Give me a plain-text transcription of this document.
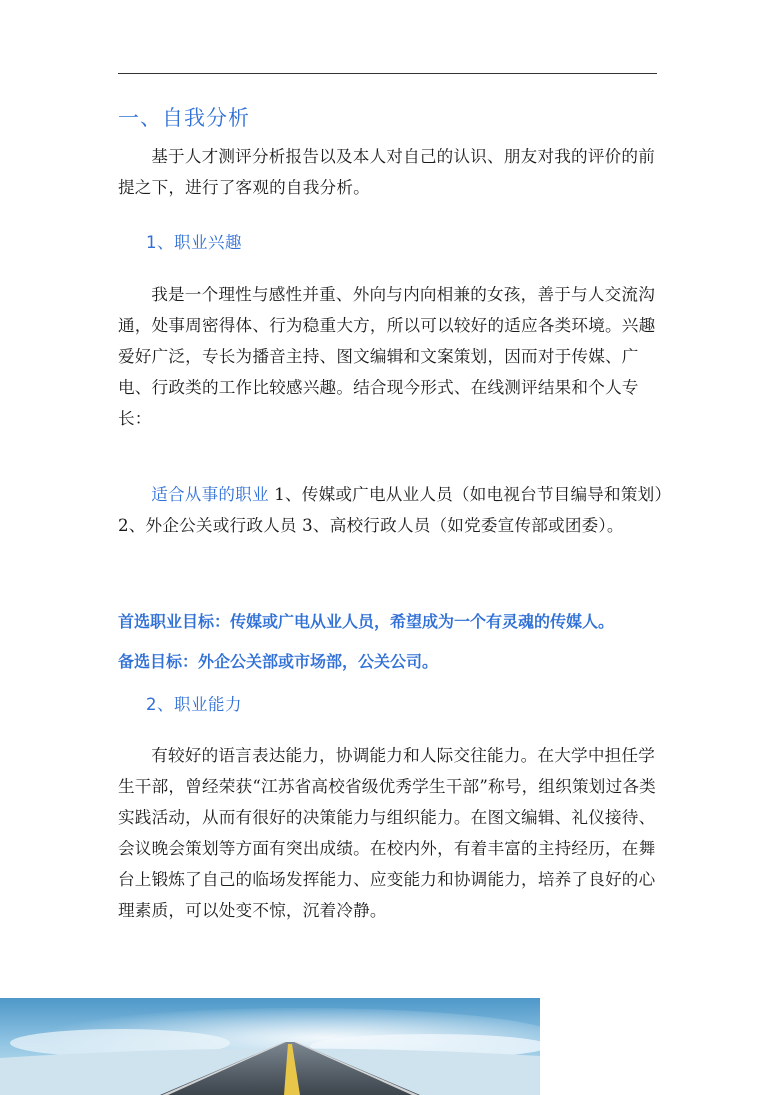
一、自我分析
基于人才测评分析报告以及本人对自己的认识、朋友对我的评价的前提之下，进行了客观的自我分析。
1、职业兴趣
我是一个理性与感性并重、外向与内向相兼的女孩，善于与人交流沟通，处事周密得体、行为稳重大方，所以可以较好的适应各类环境。兴趣爱好广泛，专长为播音主持、图文编辑和文案策划，因而对于传媒、广电、行政类的工作比较感兴趣。结合现今形式、在线测评结果和个人专长：
适合从事的职业 1、传媒或广电从业人员（如电视台节目编导和策划）2、外企公关或行政人员 3、高校行政人员（如党委宣传部或团委）。
首选职业目标：传媒或广电从业人员，希望成为一个有灵魂的传媒人。
备选目标：外企公关部或市场部，公关公司。
2、职业能力
有较好的语言表达能力，协调能力和人际交往能力。在大学中担任学生干部，曾经荣获“江苏省高校省级优秀学生干部”称号，组织策划过各类实践活动，从而有很好的决策能力与组织能力。在图文编辑、礼仪接待、会议晚会策划等方面有突出成绩。在校内外，有着丰富的主持经历，在舞台上锻炼了自己的临场发挥能力、应变能力和协调能力，培养了良好的心理素质，可以处变不惊，沉着冷静。
